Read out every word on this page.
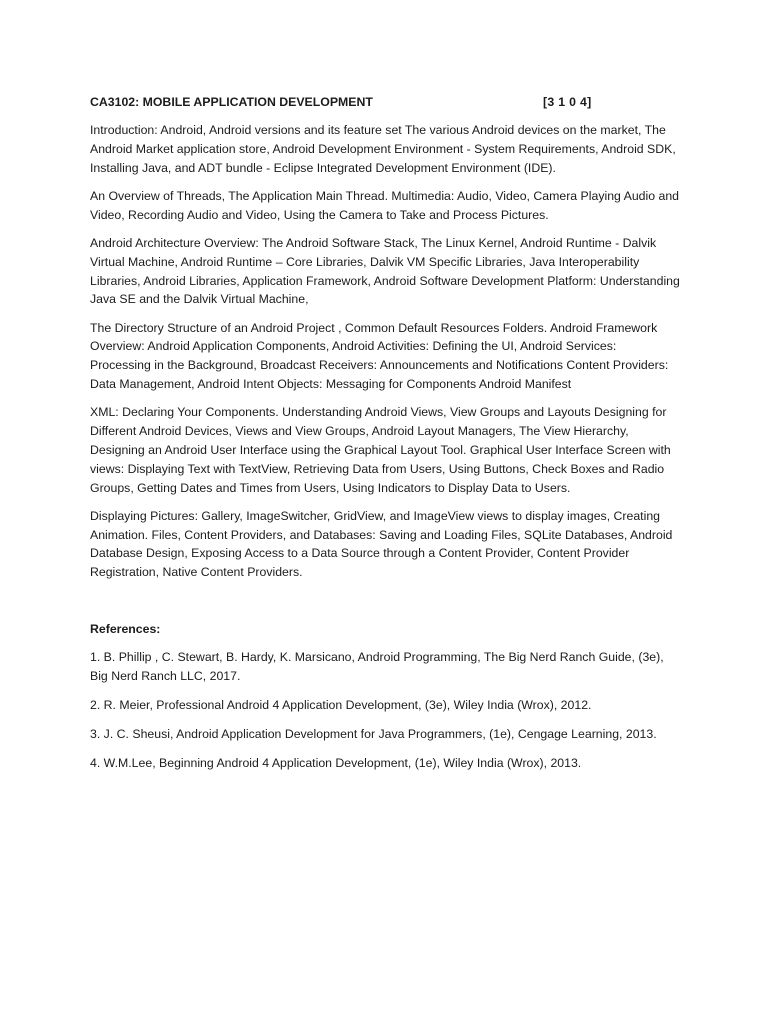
CA3102: MOBILE APPLICATION DEVELOPMENT	[3 1 0 4]

Introduction: Android, Android versions and its feature set The various Android devices on the market, The Android Market application store, Android Development Environment - System Requirements, Android SDK, Installing Java, and ADT bundle - Eclipse Integrated Development Environment (IDE).

An Overview of Threads, The Application Main Thread. Multimedia: Audio, Video, Camera Playing Audio and Video, Recording Audio and Video, Using the Camera to Take and Process Pictures.

Android Architecture Overview: The Android Software Stack, The Linux Kernel, Android Runtime - Dalvik Virtual Machine, Android Runtime – Core Libraries, Dalvik VM Specific Libraries, Java Interoperability Libraries, Android Libraries, Application Framework, Android Software Development Platform: Understanding Java SE and the Dalvik Virtual Machine,

The Directory Structure of an Android Project , Common Default Resources Folders. Android Framework Overview: Android Application Components, Android Activities: Defining the UI, Android Services: Processing in the Background, Broadcast Receivers: Announcements and Notifications Content Providers: Data Management, Android Intent Objects: Messaging for Components Android Manifest

XML: Declaring Your Components. Understanding Android Views, View Groups and Layouts Designing for Different Android Devices, Views and View Groups, Android Layout Managers, The View Hierarchy, Designing an Android User Interface using the Graphical Layout Tool. Graphical User Interface Screen with views: Displaying Text with TextView, Retrieving Data from Users, Using Buttons, Check Boxes and Radio Groups, Getting Dates and Times from Users, Using Indicators to Display Data to Users.

Displaying Pictures: Gallery, ImageSwitcher, GridView, and ImageView views to display images, Creating Animation. Files, Content Providers, and Databases: Saving and Loading Files, SQLite Databases, Android Database Design, Exposing Access to a Data Source through a Content Provider, Content Provider Registration, Native Content Providers.

References:

1. B. Phillip , C. Stewart, B. Hardy, K. Marsicano, Android Programming, The Big Nerd Ranch Guide, (3e), Big Nerd Ranch LLC, 2017.

2. R. Meier, Professional Android 4 Application Development, (3e), Wiley India (Wrox), 2012.

3. J. C. Sheusi, Android Application Development for Java Programmers, (1e), Cengage Learning, 2013.

4. W.M.Lee, Beginning Android 4 Application Development, (1e), Wiley India (Wrox), 2013.
